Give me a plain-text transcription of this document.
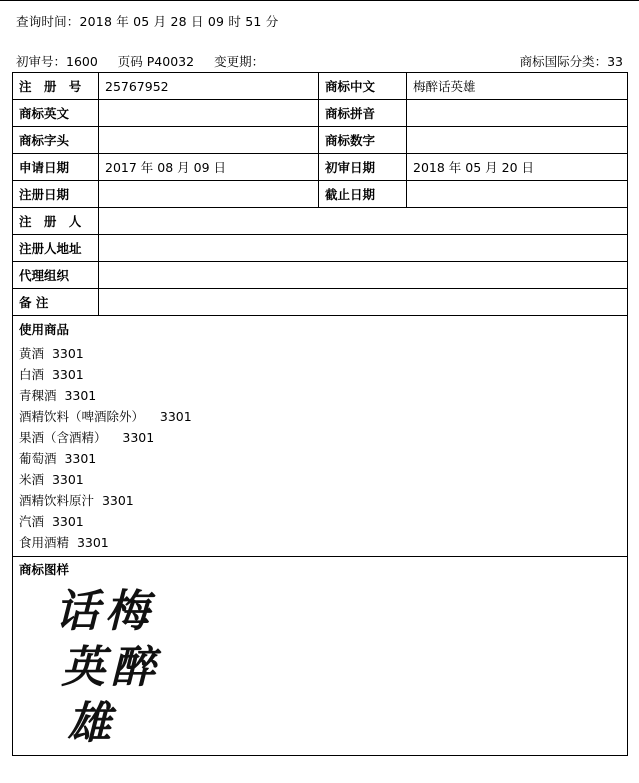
查询时间：2018 年 05 月 28 日 09 时 51 分
初审号：1600 页码 P40032 变更期：	商标国际分类：33
注 册 号	25767952	商标中文	梅醉话英雄
商标英文		商标拼音	
商标字头		商标数字	
申请日期	2017 年 08 月 09 日	初审日期	2018 年 05 月 20 日
注册日期		截止日期	
注 册 人			
注册人地址			
代理组织			
备 注			

使用商品
黄酒  3301
白酒  3301
青稞酒  3301
酒精饮料（啤酒除外）    3301
果酒（含酒精）    3301
葡萄酒  3301
米酒  3301
酒精饮料原汁  3301
汽酒  3301
食用酒精  3301

商标图样
话梅
英醉
雄			
